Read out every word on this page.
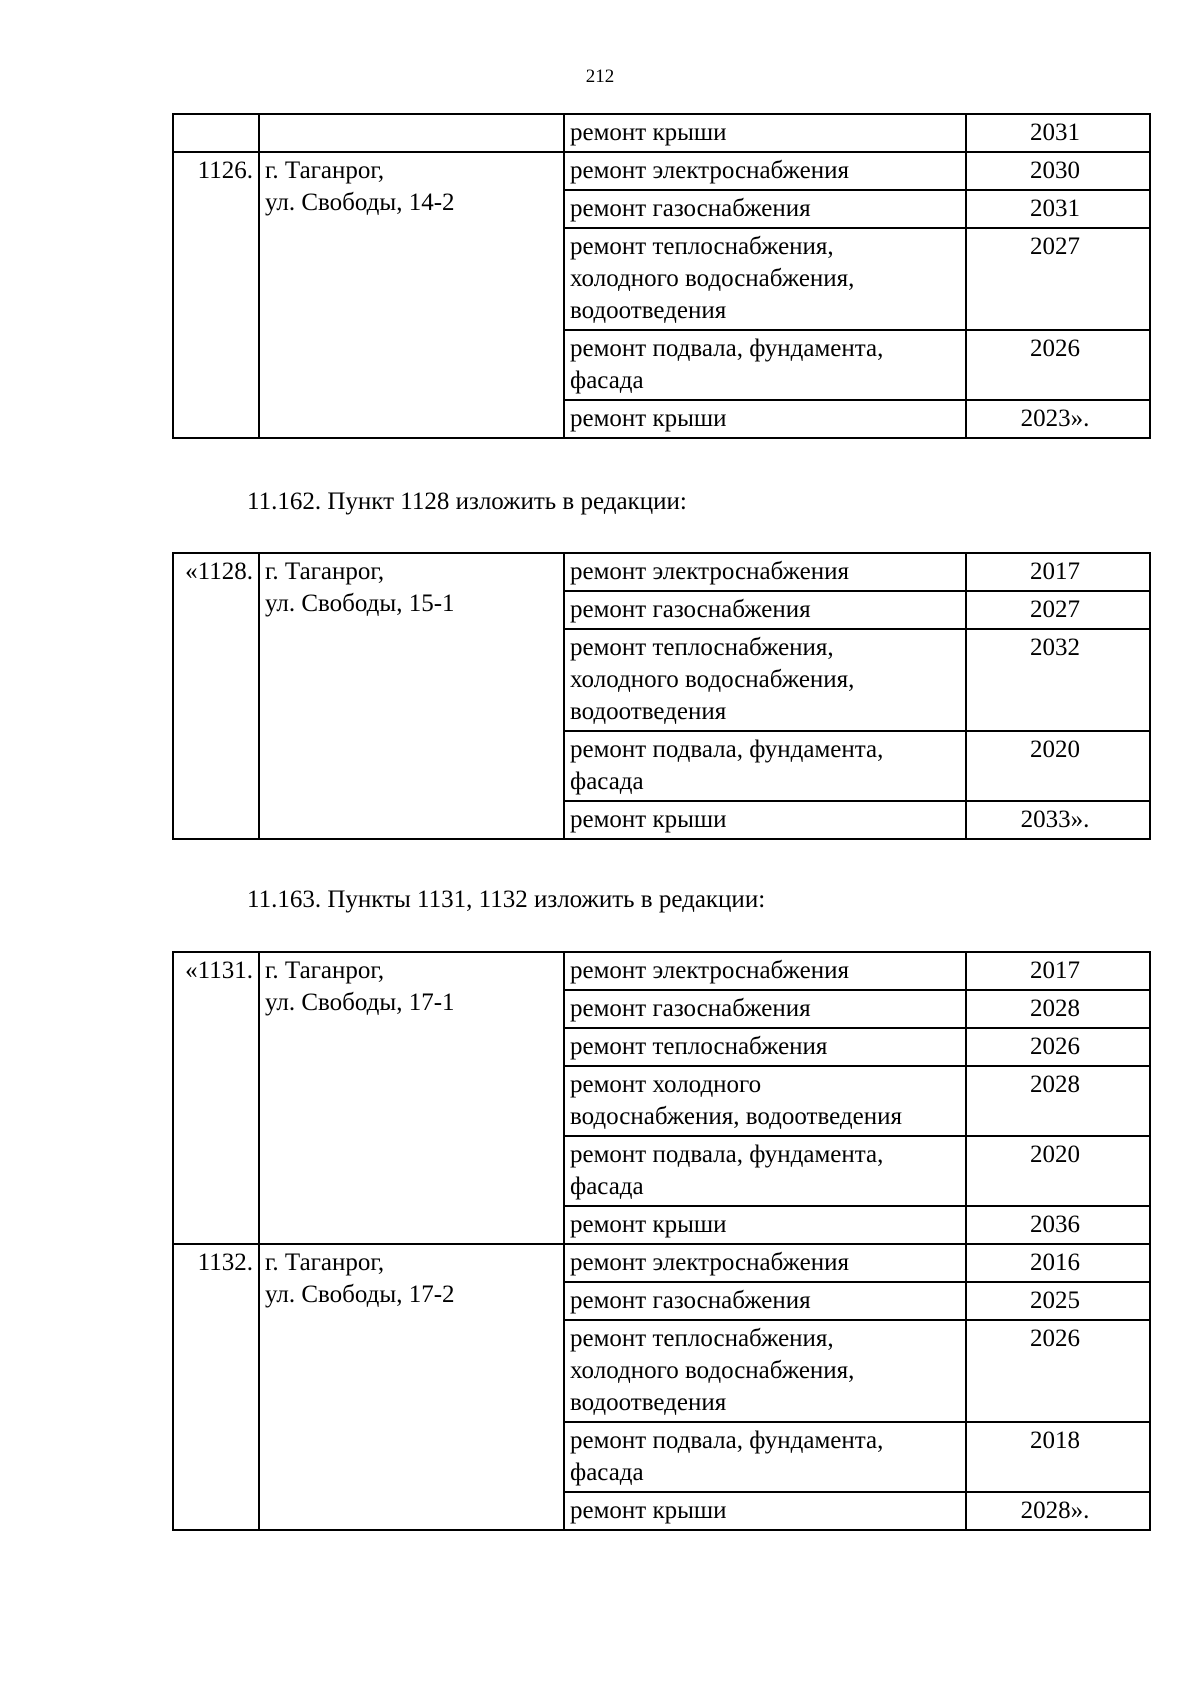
212
		ремонт крыши	2031
1126.	г. Таганрог,
ул. Свободы, 14-2	ремонт электроснабжения	2030
		ремонт газоснабжения	2031
		ремонт теплоснабжения,
холодного водоснабжения,
водоотведения	2027
		ремонт подвала, фундамента,
фасада	2026
		ремонт крыши	2023».
11.162. Пункт 1128 изложить в редакции:
«1128.	г. Таганрог,
ул. Свободы, 15-1	ремонт электроснабжения	2017
		ремонт газоснабжения	2027
		ремонт теплоснабжения,
холодного водоснабжения,
водоотведения	2032
		ремонт подвала, фундамента,
фасада	2020
		ремонт крыши	2033».
11.163. Пункты 1131, 1132 изложить в редакции:
«1131.	г. Таганрог,
ул. Свободы, 17-1	ремонт электроснабжения	2017
		ремонт газоснабжения	2028
		ремонт теплоснабжения	2026
		ремонт холодного
водоснабжения, водоотведения	2028
		ремонт подвала, фундамента,
фасада	2020
		ремонт крыши	2036
1132.	г. Таганрог,
ул. Свободы, 17-2	ремонт электроснабжения	2016
		ремонт газоснабжения	2025
		ремонт теплоснабжения,
холодного водоснабжения,
водоотведения	2026
		ремонт подвала, фундамента,
фасада	2018
		ремонт крыши	2028».
